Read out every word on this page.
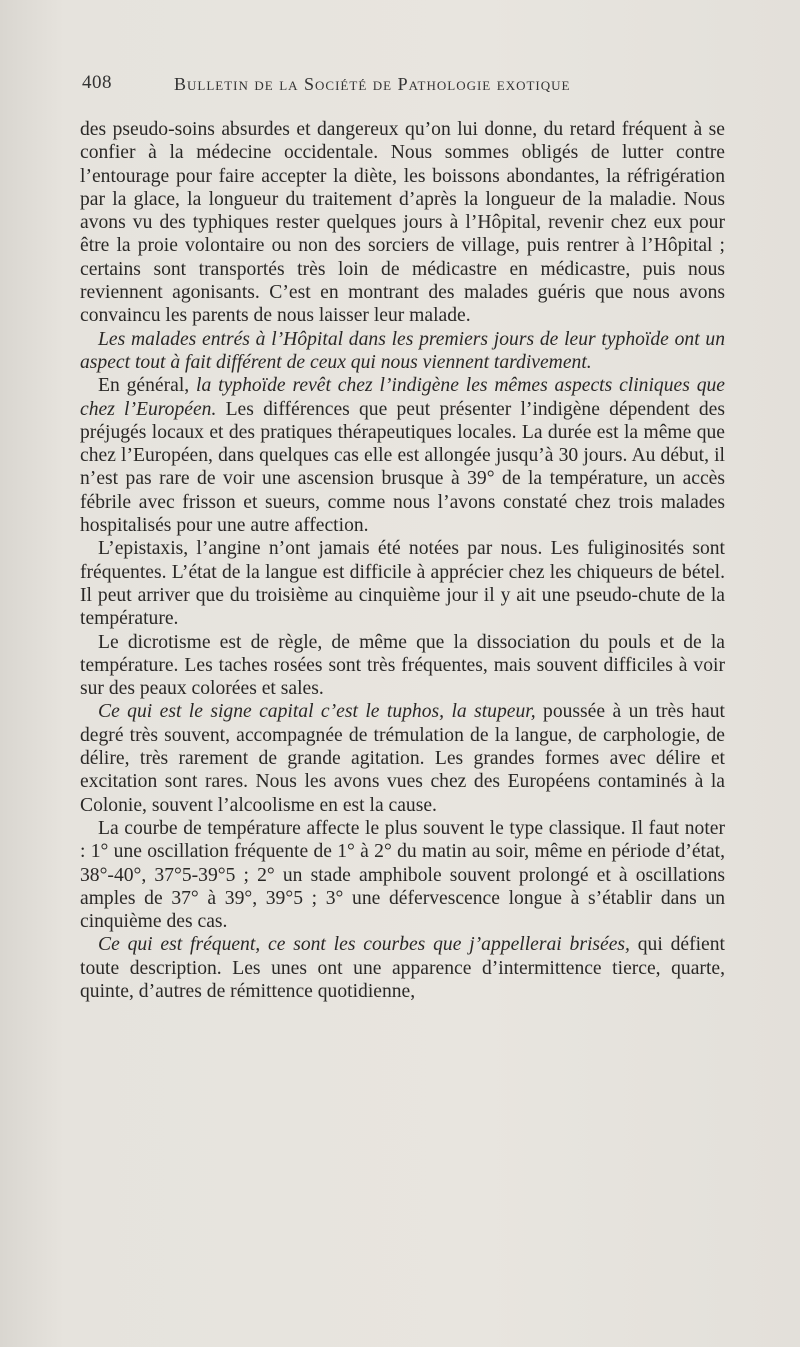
408	Bulletin de la Société de Pathologie exotique

des pseudo-soins absurdes et dangereux qu’on lui donne, du retard fréquent à se confier à la médecine occidentale. Nous sommes obligés de lutter contre l’entourage pour faire accepter la diète, les boissons abondantes, la réfrigération par la glace, la longueur du traitement d’après la longueur de la maladie. Nous avons vu des typhiques rester quelques jours à l’Hôpital, revenir chez eux pour être la proie volontaire ou non des sorciers de village, puis rentrer à l’Hôpital ; certains sont transportés très loin de médicastre en médicastre, puis nous reviennent agonisants. C’est en montrant des malades guéris que nous avons convaincu les parents de nous laisser leur malade.

Les malades entrés à l’Hôpital dans les premiers jours de leur typhoïde ont un aspect tout à fait différent de ceux qui nous viennent tardivement.

En général, la typhoïde revêt chez l’indigène les mêmes aspects cliniques que chez l’Européen. Les différences que peut présenter l’indigène dépendent des préjugés locaux et des pratiques thérapeutiques locales. La durée est la même que chez l’Européen, dans quelques cas elle est allongée jusqu’à 30 jours. Au début, il n’est pas rare de voir une ascension brusque à 39° de la température, un accès fébrile avec frisson et sueurs, comme nous l’avons constaté chez trois malades hospitalisés pour une autre affection.

L’epistaxis, l’angine n’ont jamais été notées par nous. Les fuliginosités sont fréquentes. L’état de la langue est difficile à apprécier chez les chiqueurs de bétel. Il peut arriver que du troisième au cinquième jour il y ait une pseudo-chute de la température.

Le dicrotisme est de règle, de même que la dissociation du pouls et de la température. Les taches rosées sont très fréquentes, mais souvent difficiles à voir sur des peaux colorées et sales.

Ce qui est le signe capital c’est le tuphos, la stupeur, poussée à un très haut degré très souvent, accompagnée de trémulation de la langue, de carphologie, de délire, très rarement de grande agitation. Les grandes formes avec délire et excitation sont rares. Nous les avons vues chez des Européens contaminés à la Colonie, souvent l’alcoolisme en est la cause.

La courbe de température affecte le plus souvent le type classique. Il faut noter : 1° une oscillation fréquente de 1° à 2° du matin au soir, même en période d’état, 38°-40°, 37°5-39°5 ; 2° un stade amphibole souvent prolongé et à oscillations amples de 37° à 39°, 39°5 ; 3° une défervescence longue à s’établir dans un cinquième des cas.

Ce qui est fréquent, ce sont les courbes que j’appellerai brisées, qui défient toute description. Les unes ont une apparence d’intermittence tierce, quarte, quinte, d’autres de rémittence quotidienne,
